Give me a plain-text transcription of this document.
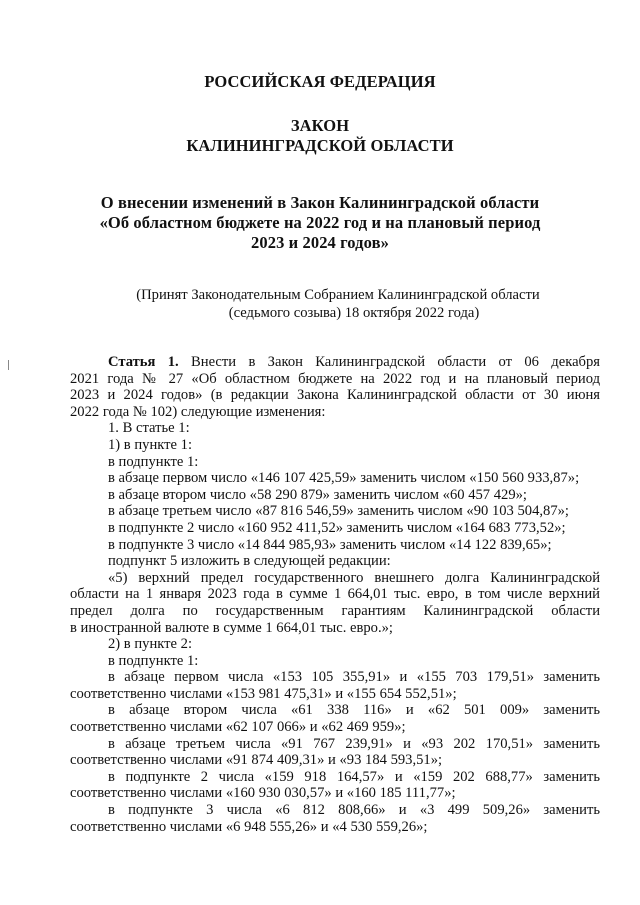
РОССИЙСКАЯ ФЕДЕРАЦИЯ
ЗАКОН
КАЛИНИНГРАДСКОЙ ОБЛАСТИ
О внесении изменений в Закон Калининградской области
«Об областном бюджете на 2022 год и на плановый период
2023 и 2024 годов»
(Принят Законодательным Собранием Калининградской области
(седьмого созыва) 18 октября 2022 года)

Статья 1. Внести в Закон Калининградской области от 06 декабря

2021 года № 27 «Об областном бюджете на 2022 год и на плановый период

2023 и 2024 годов» (в редакции Закона Калининградской области от 30 июня

2022 года № 102) следующие изменения:

1. В статье 1:

1) в пункте 1:

в подпункте 1:

в абзаце первом число «146 107 425,59» заменить числом «150 560 933,87»;

в абзаце втором число «58 290 879» заменить числом «60 457 429»;

в абзаце третьем число «87 816 546,59» заменить числом «90 103 504,87»;

в подпункте 2 число «160 952 411,52» заменить числом «164 683 773,52»;

в подпункте 3 число «14 844 985,93» заменить числом «14 122 839,65»;

подпункт 5 изложить в следующей редакции:

«5) верхний предел государственного внешнего долга Калининградской

области на 1 января 2023 года в сумме 1 664,01 тыс. евро, в том числе верхний

предел долга по государственным гарантиям Калининградской области

в иностранной валюте в сумме 1 664,01 тыс. евро.»;

2) в пункте 2:

в подпункте 1:

в абзаце первом числа «153 105 355,91» и «155 703 179,51» заменить

соответственно числами «153 981 475,31» и «155 654 552,51»;

в абзаце втором числа «61 338 116» и «62 501 009» заменить

соответственно числами «62 107 066» и «62 469 959»;

в абзаце третьем числа «91 767 239,91» и «93 202 170,51» заменить

соответственно числами «91 874 409,31» и «93 184 593,51»;

в подпункте 2 числа «159 918 164,57» и «159 202 688,77» заменить

соответственно числами «160 930 030,57» и «160 185 111,77»;

в подпункте 3 числа «6 812 808,66» и «3 499 509,26» заменить

соответственно числами «6 948 555,26» и «4 530 559,26»;
